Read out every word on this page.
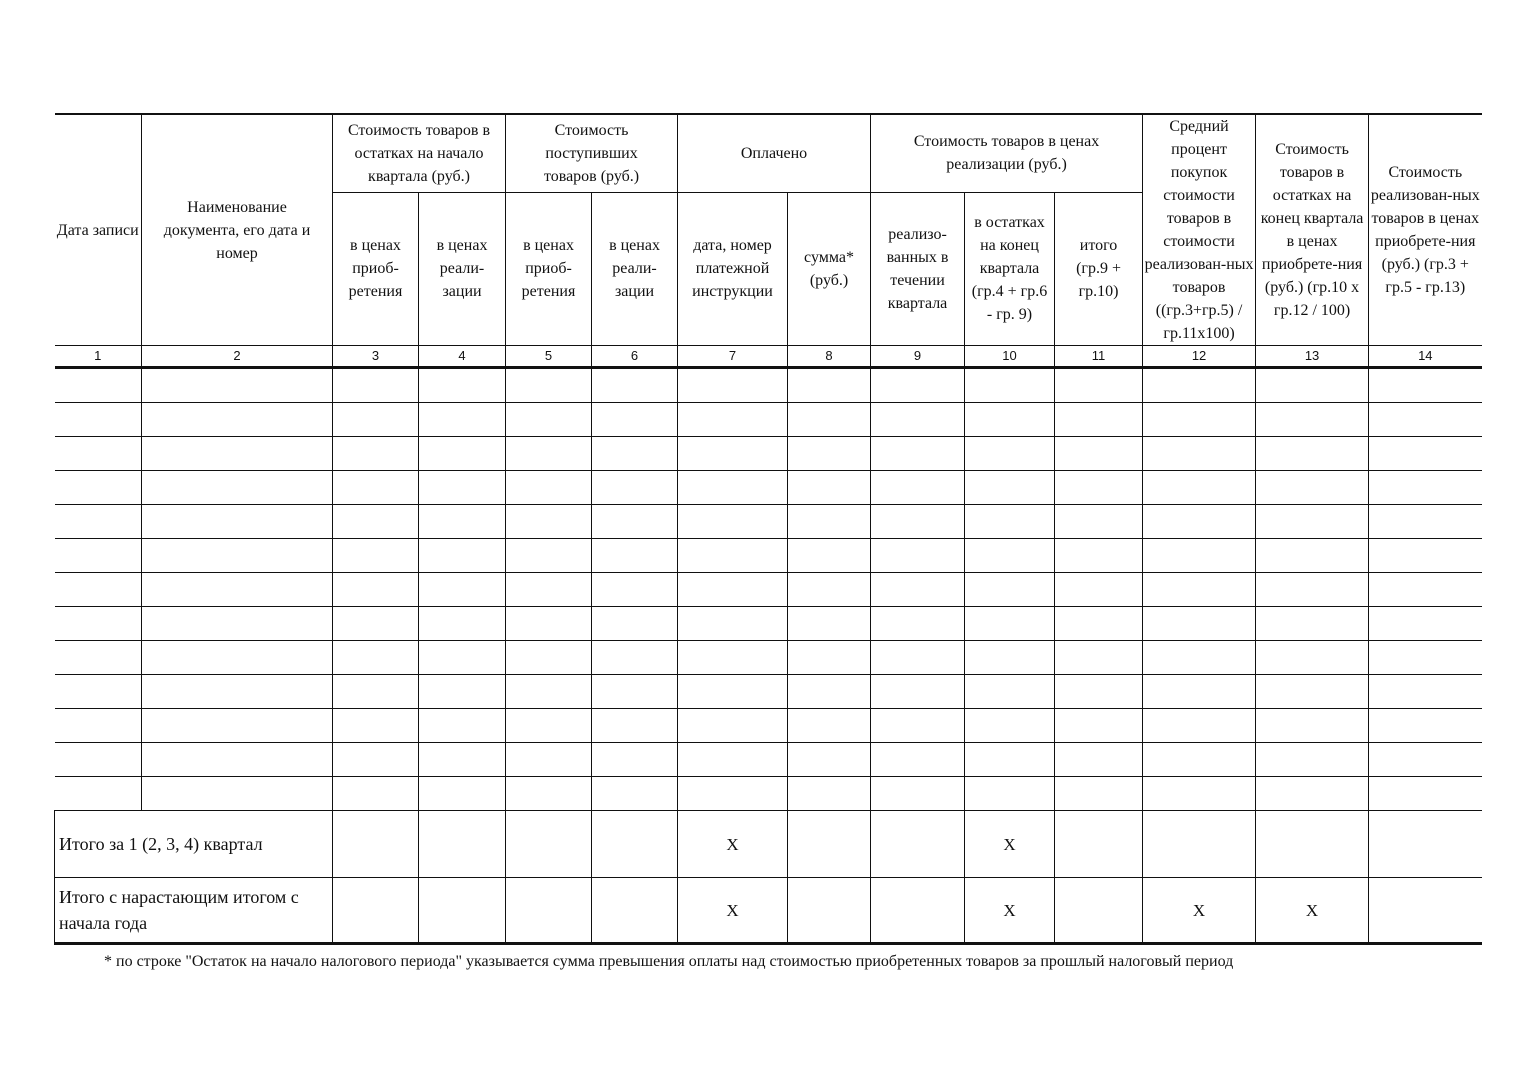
Дата записи	Наименование документа, его дата и номер	Стоимость товаров в остатках на начало квартала (руб.)		Стоимость поступивших товаров (руб.)		Оплачено		Стоимость товаров в ценах реализации (руб.)			Средний процент покупок стоимости товаров в стоимости реализован-ных товаров ((гр.3+гр.5) /гр.11х100)	Стоимость товаров в остатках на конец квартала в ценах приобрете-ния (руб.) (гр.10 х гр.12 / 100)	Стоимость реализован-ных товаров в ценах приобрете-ния (руб.) (гр.3 + гр.5 - гр.13)
		в ценах приоб-ретения	в ценах реали-зации	в ценах приоб-ретения	в ценах реали-зации	дата, номер платежной инструкции	сумма* (руб.)	реализо-ванных в течении квартала	в остатках на конец квартала (гр.4 + гр.6 - гр. 9)	итого (гр.9 + гр.10)			
1	2	3	4	5	6	7	8	9	10	11	12	13	14

Итого за 1 (2, 3, 4) квартал						X			X				
Итого с нарастающим итогом с начала года						X			X		X	X	
* по строке "Остаток на начало налогового периода" указывается сумма превышения оплаты над стоимостью приобретенных товаров за прошлый налоговый период
